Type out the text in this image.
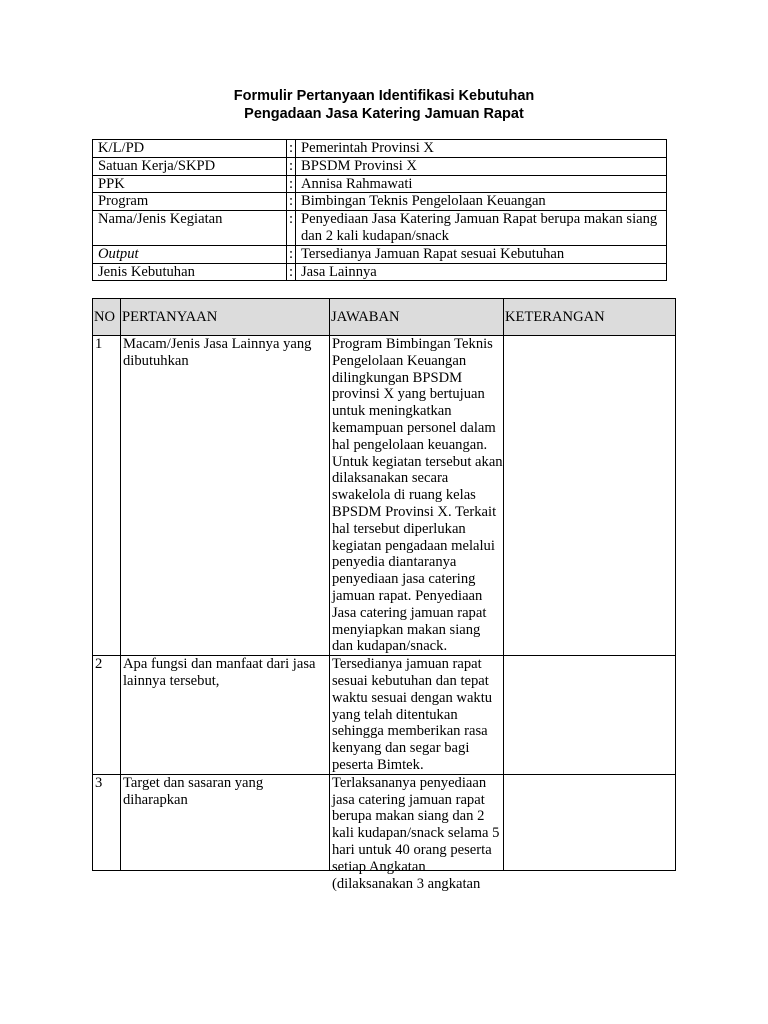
Formulir Pertanyaan Identifikasi Kebutuhan
Pengadaan Jasa Katering Jamuan Rapat
K/L/PD	:	Pemerintah Provinsi X
Satuan Kerja/SKPD	:	BPSDM Provinsi X
PPK	:	Annisa Rahmawati
Program	:	Bimbingan Teknis Pengelolaan Keuangan
Nama/Jenis Kegiatan	:	Penyediaan Jasa Katering Jamuan Rapat berupa makan siang dan 2 kali kudapan/snack
Output	:	Tersedianya Jamuan Rapat sesuai Kebutuhan
Jenis Kebutuhan	:	Jasa Lainnya
NO	PERTANYAAN	JAWABAN	KETERANGAN
1	Macam/Jenis Jasa Lainnya yang dibutuhkan	Program Bimbingan Teknis Pengelolaan Keuangan dilingkungan BPSDM provinsi X yang bertujuan untuk meningkatkan kemampuan personel dalam hal pengelolaan keuangan. Untuk kegiatan tersebut akan dilaksanakan secara swakelola di ruang kelas BPSDM Provinsi X. Terkait hal tersebut diperlukan kegiatan pengadaan melalui penyedia diantaranya penyediaan jasa catering jamuan rapat. Penyediaan Jasa catering jamuan rapat menyiapkan makan siang dan kudapan/snack.	
2	Apa fungsi dan manfaat dari jasa lainnya tersebut,	Tersedianya jamuan rapat sesuai kebutuhan dan tepat waktu sesuai dengan waktu yang telah ditentukan sehingga memberikan rasa kenyang dan segar bagi peserta Bimtek.	
3	Target dan sasaran yang diharapkan	Terlaksananya penyediaan jasa catering jamuan rapat berupa makan siang dan 2 kali kudapan/snack selama 5 hari untuk 40 orang peserta setiap Angkatan (dilaksanakan 3 angkatan	
